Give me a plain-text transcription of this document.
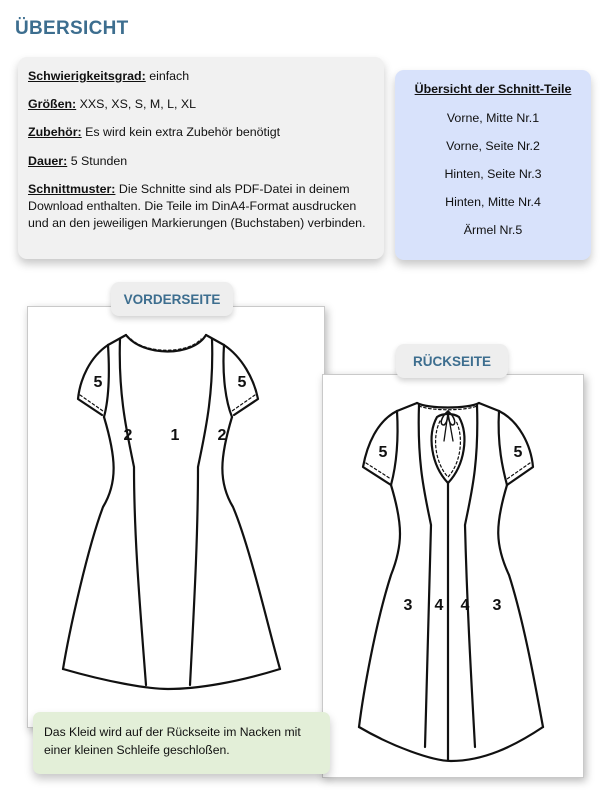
ÜBERSICHT
Schwierigkeitsgrad: einfach
Größen: XXS, XS, S, M, L, XL
Zubehör: Es wird kein extra Zubehör benötigt
Dauer: 5 Stunden
Schnittmuster: Die Schnitte sind als PDF-Datei in deinem Download enthalten. Die Teile im DinA4-Format ausdrucken und an den jeweiligen Markierungen (Buchstaben) verbinden.
Übersicht der Schnitt-Teile
Vorne, Mitte Nr.1
Vorne, Seite Nr.2
Hinten, Seite Nr.3
Hinten, Mitte Nr.4
Ärmel Nr.5
5	5
2 1 2
VORDERSEITE
5	5
3 4 4 3
RÜCKSEITE
Das Kleid wird auf der Rückseite im Nacken mit einer kleinen Schleife geschloßen.
